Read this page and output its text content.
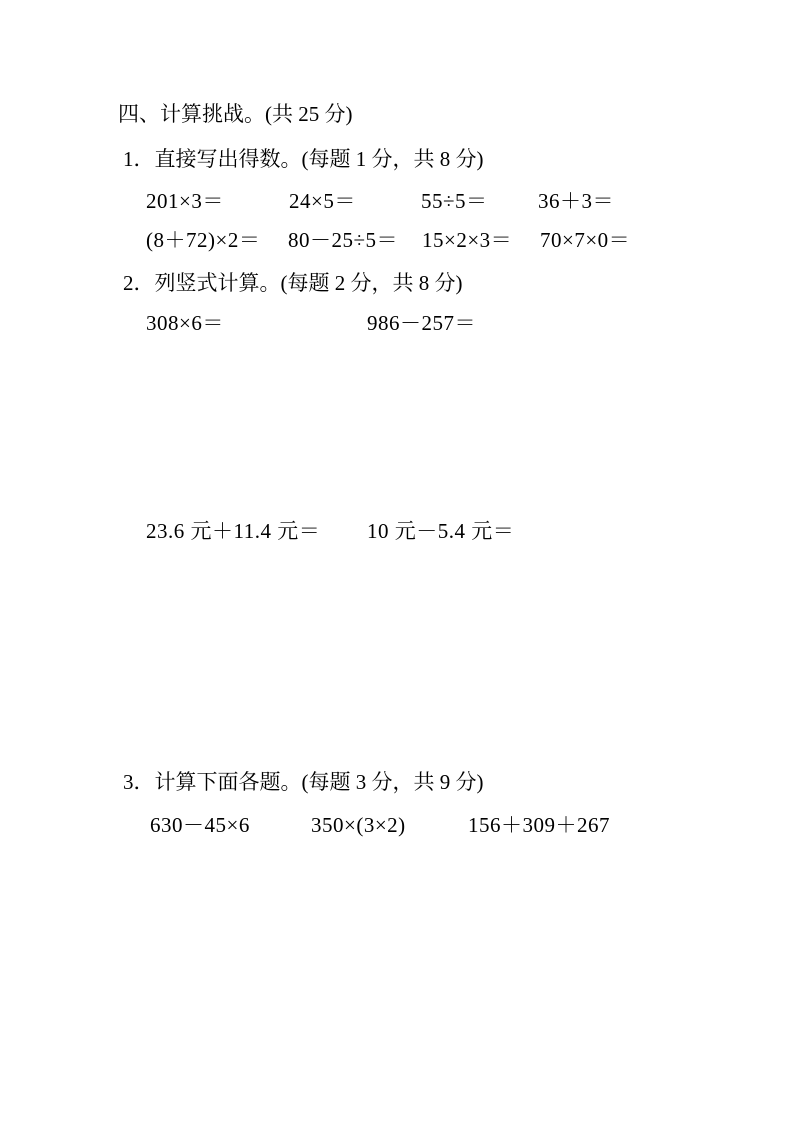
四、计算挑战。(共 25 分)
1．直接写出得数。(每题 1 分，共 8 分)
201×3＝	24×5＝	55÷5＝ 36＋3＝
(8＋72)×2＝ 80－25÷5＝ 15×2×3＝ 70×7×0＝
2．列竖式计算。(每题 2 分，共 8 分)
308×6＝	986－257＝
23.6 元＋11.4 元＝ 10 元－5.4 元＝
3．计算下面各题。(每题 3 分，共 9 分)
630－45×6	350×(3×2)	156＋309＋267
